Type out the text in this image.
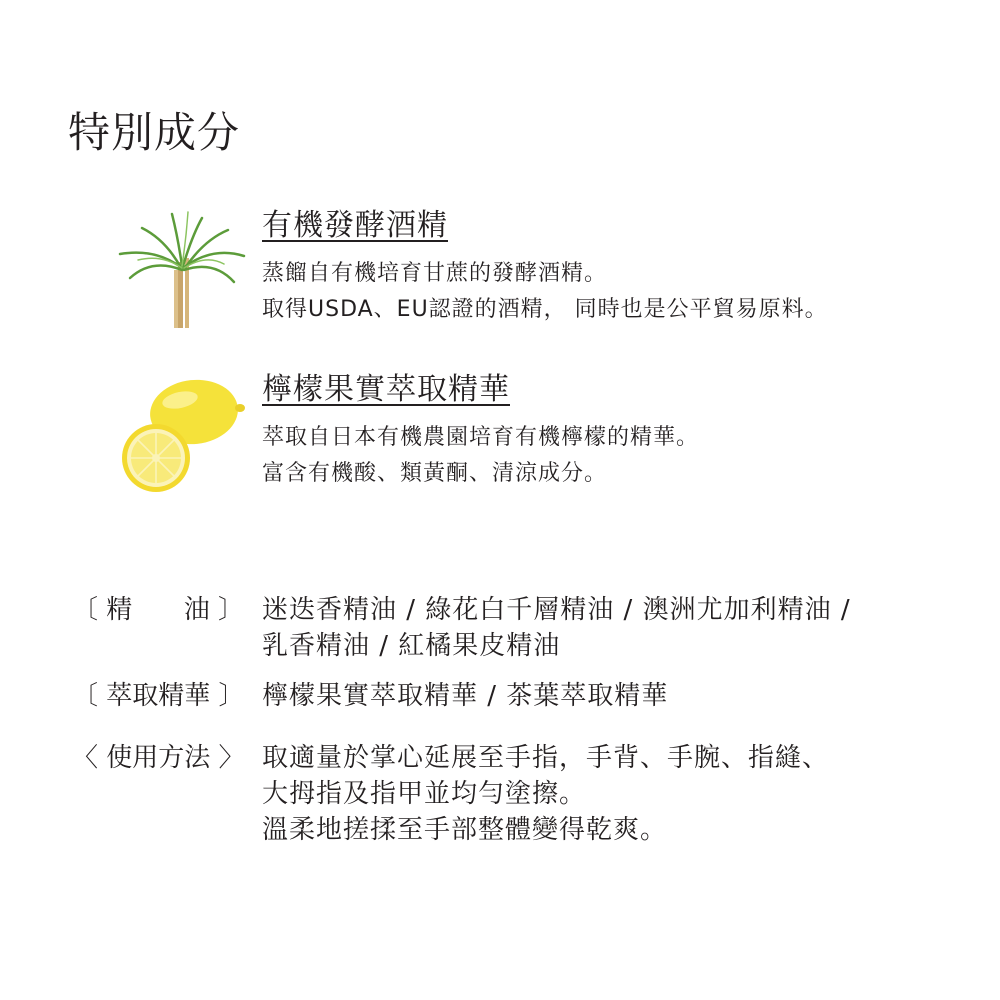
特別成分
有機發酵酒精
蒸餾自有機培育甘蔗的發酵酒精。
取得USDA、EU認證的酒精， 同時也是公平貿易原料。
檸檬果實萃取精華
萃取自日本有機農園培育有機檸檬的精華。
富含有機酸、類黃酮、清涼成分。
〔 精 油 〕 迷迭香精油 / 綠花白千層精油 / 澳洲尤加利精油 /
乳香精油 / 紅橘果皮精油
〔 萃取精華 〕 檸檬果實萃取精華 / 茶葉萃取精華
〈 使用方法 〉 取適量於掌心延展至手指，手背、手腕、指縫、
大拇指及指甲並均勻塗擦。
溫柔地搓揉至手部整體變得乾爽。
